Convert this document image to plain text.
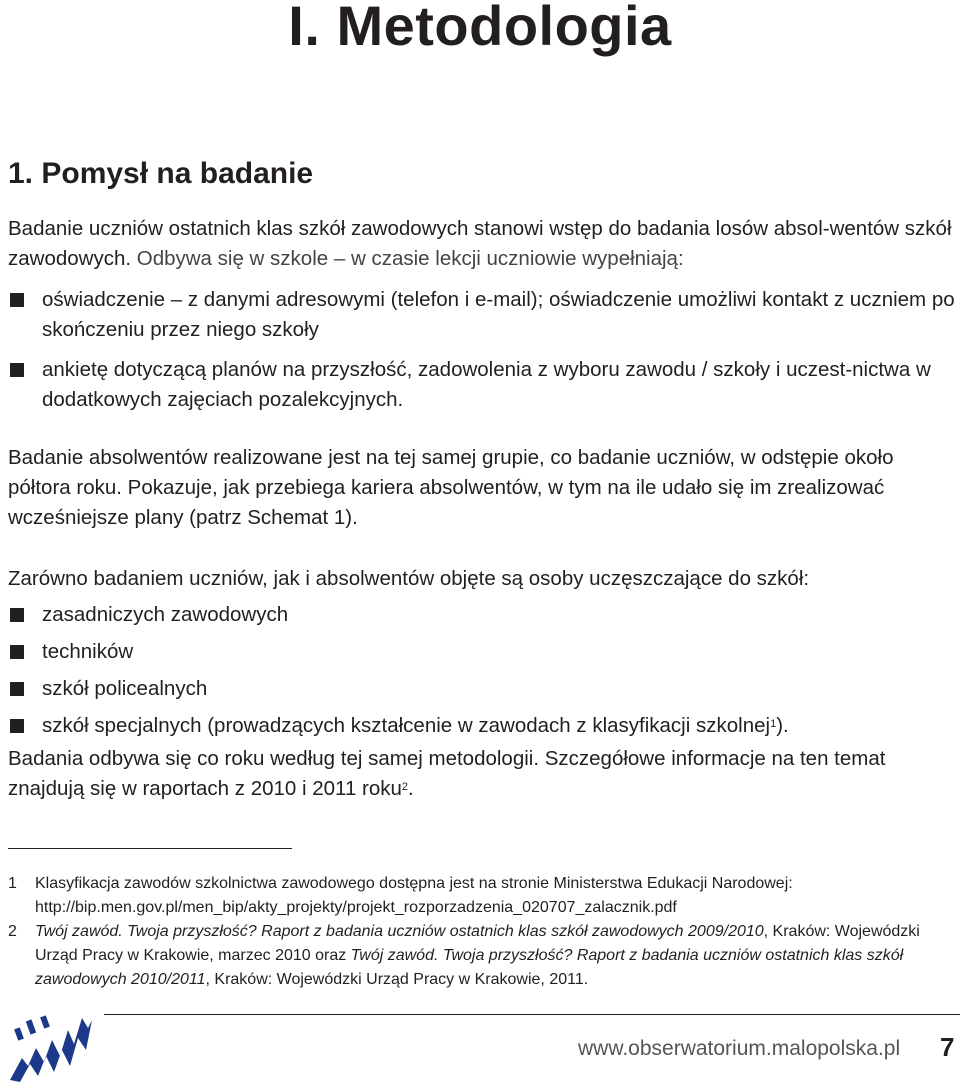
I. Metodologia
1. Pomysł na badanie

Badanie uczniów ostatnich klas szkół zawodowych stanowi wstęp do badania losów absol-wentów szkół zawodowych. Odbywa się w szkole – w czasie lekcji uczniowie wypełniają:

oświadczenie – z danymi adresowymi (telefon i e-mail); oświadczenie umożliwi kontakt z uczniem po skończeniu przez niego szkoły
ankietę dotyczącą planów na przyszłość, zadowolenia z wyboru zawodu / szkoły i uczest-nictwa w dodatkowych zajęciach pozalekcyjnych.

Badanie absolwentów realizowane jest na tej samej grupie, co badanie uczniów, w odstępie około półtora roku. Pokazuje, jak przebiega kariera absolwentów, w tym na ile udało się im zrealizować wcześniejsze plany (patrz Schemat 1).

Zarówno badaniem uczniów, jak i absolwentów objęte są osoby uczęszczające do szkół:

zasadniczych zawodowych
techników
szkół policealnych
szkół specjalnych (prowadzących kształcenie w zawodach z klasyfikacji szkolnej$^1$).

Badania odbywa się co roku według tej samej metodologii. Szczegółowe informacje na ten temat znajdują się w raportach z 2010 i 2011 roku$^2$.

1 Klasyfikacja zawodów szkolnictwa zawodowego dostępna jest na stronie Ministerstwa Edukacji Narodowej: http://bip.men.gov.pl/men_bip/akty_projekty/projekt_rozporzadzenia_020707_zalacznik.pdf
2 Twój zawód. Twoja przyszłość? Raport z badania uczniów ostatnich klas szkół zawodowych 2009/2010, Kraków: Wojewódzki Urząd Pracy w Krakowie, marzec 2010 oraz Twój zawód. Twoja przyszłość? Raport z badania uczniów ostatnich klas szkół zawodowych 2010/2011, Kraków: Wojewódzki Urząd Pracy w Krakowie, 2011.
www.obserwatorium.malopolska.pl 7
